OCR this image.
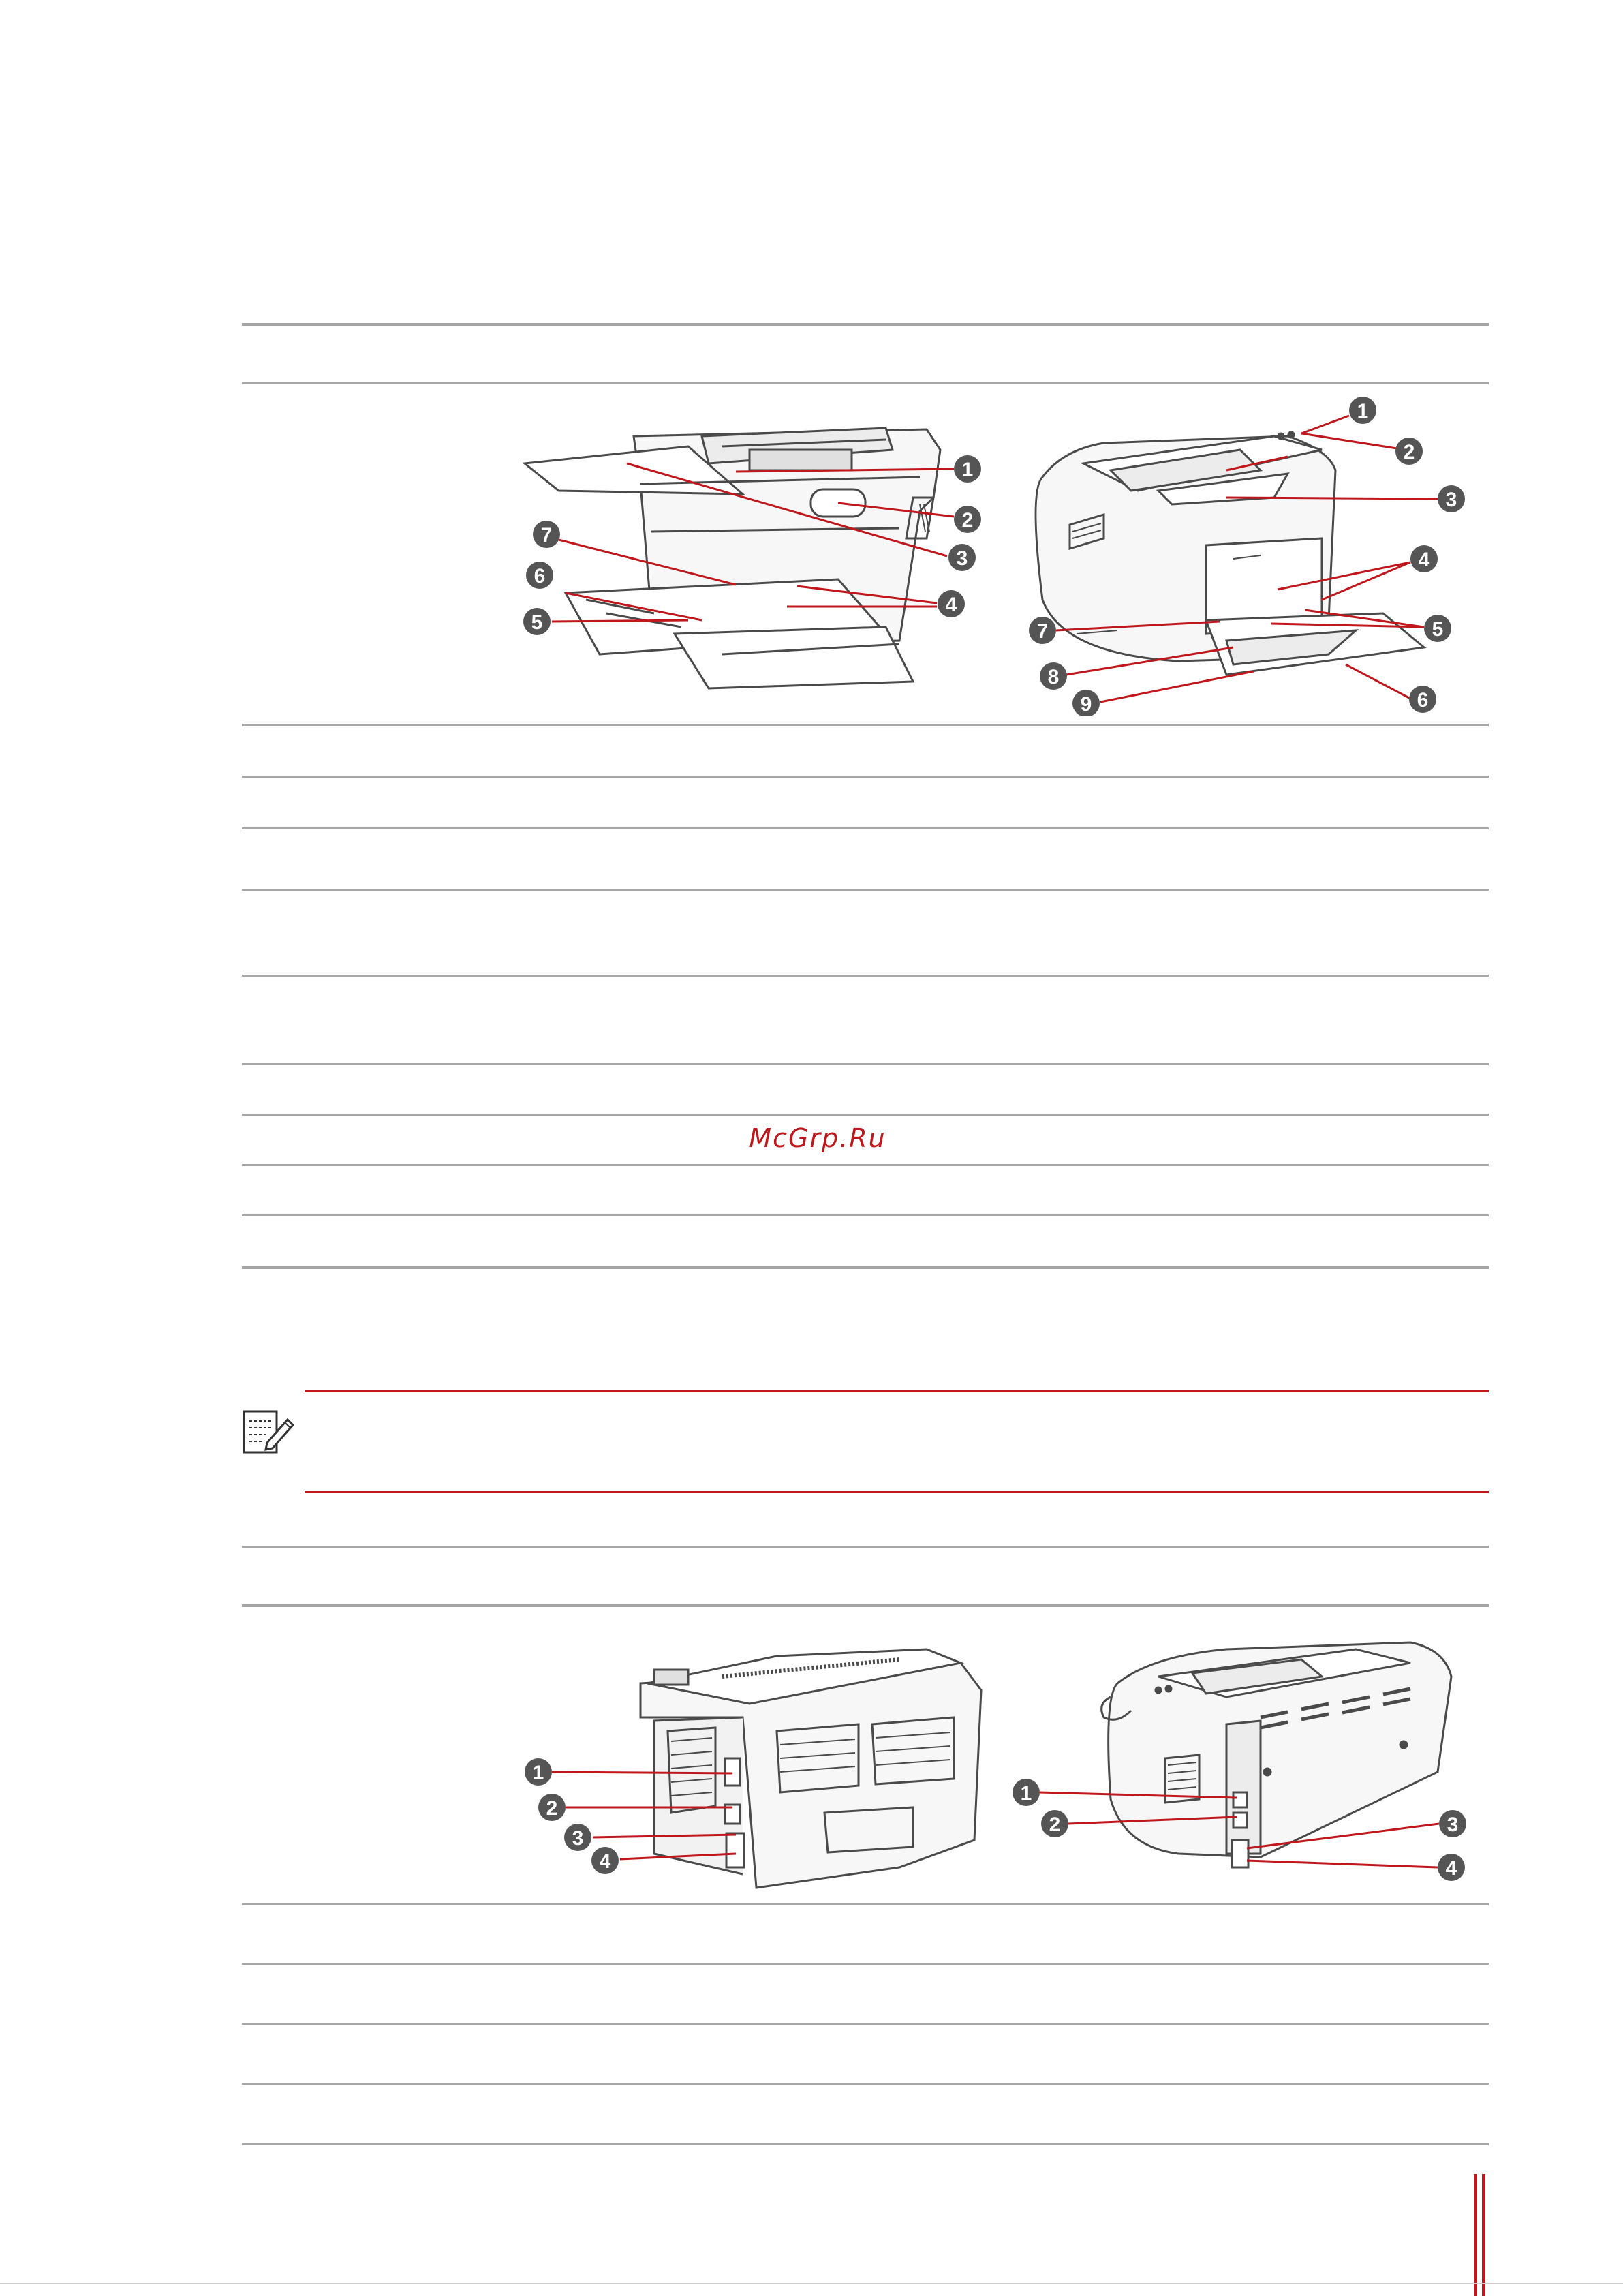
McGrp.Ru
1
2
3
4
5
6
7
1
2
3
4
5
6
7
8
9
1
2
3
4
1
2	3
4
